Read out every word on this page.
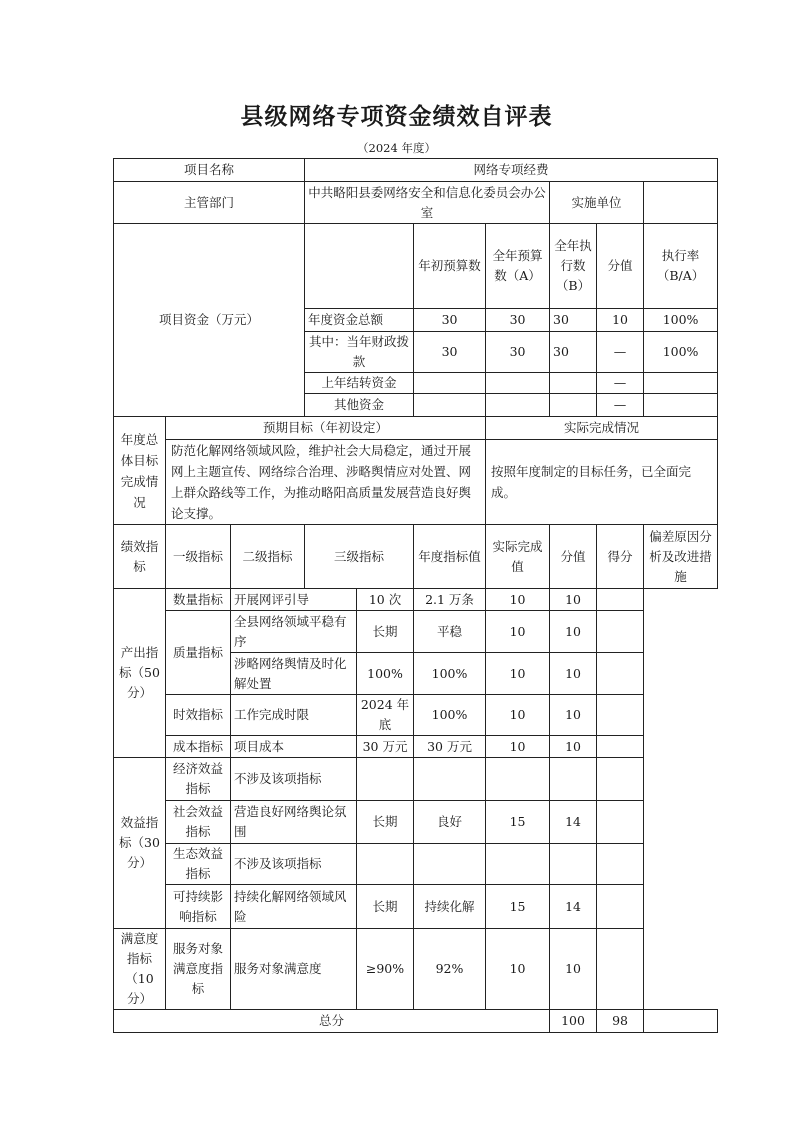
县级网络专项资金绩效自评表
（2024 年度）
项目名称			网络专项经费							
主管部门			中共略阳县委网络安全和信息化委员会办公室				实施单位			
项目资金（万元）					年初预算数	全年预算数（A）	全年执行数（B）	分值	执行率（B/A）	
			年度资金总额		30	30	30	10	100%	
			其中：当年财政拨款		30	30	30	—	100%	
			上年结转资金					—		
			其他资金					—		
年度总体目标完成情况	预期目标（年初设定）					实际完成情况				
	防范化解网络领域风险，维护社会大局稳定，通过开展网上主题宣传、网络综合治理、涉略舆情应对处置、网上群众路线等工作，为推动略阳高质量发展营造良好舆论支撑。					按照年度制定的目标任务，已全面完成。				
绩效指标	一级指标	二级指标	三级指标		年度指标值	实际完成值	分值	得分	偏差原因分析及改进措施	
产出指标（50分）	数量指标	开展网评引导		10 次	2.1 万条	10	10			
	质量指标	全县网络领域平稳有序		长期	平稳	10	10			
		涉略网络舆情及时化解处置		100%	100%	10	10			
	时效指标	工作完成时限		2024 年底	100%	10	10			
	成本指标	项目成本		30 万元	30 万元	10	10			
效益指标（30分）	经济效益指标	不涉及该项指标								
	社会效益指标	营造良好网络舆论氛围		长期	良好	15	14			
	生态效益指标	不涉及该项指标								
	可持续影响指标	持续化解网络领域风险		长期	持续化解	15	14			
满意度指标（10分）	服务对象满意度指标	服务对象满意度		≥90%	92%	10	10			
总分							100	98		
